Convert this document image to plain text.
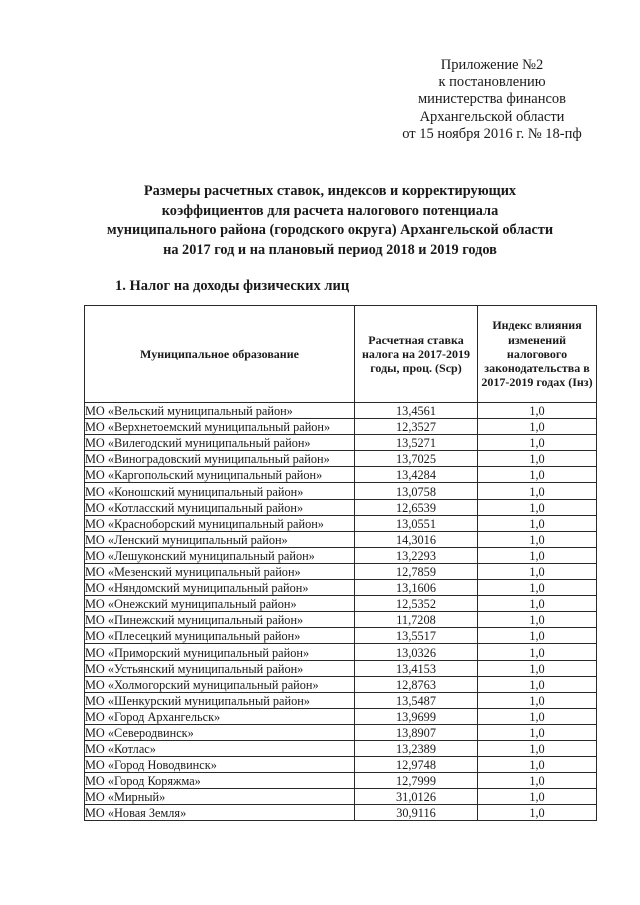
Приложение №2
к постановлению
министерства финансов
Архангельской области
от 15 ноября 2016 г. № 18-пф
Размеры расчетных ставок, индексов и корректирующих
коэффициентов для расчета налогового потенциала
муниципального района (городского округа) Архангельской области
на 2017 год и на плановый период 2018 и 2019 годов
1. Налог на доходы физических лиц
Муниципальное образование	Расчетная ставка налога на 2017-2019 годы, проц. (Sср)	Индекс влияния изменений налогового законодательства в 2017-2019 годах (Iнз)
МО «Вельский муниципальный район»	13,4561	1,0
МО «Верхнетоемский муниципальный район»	12,3527	1,0
МО «Вилегодский муниципальный район»	13,5271	1,0
МО «Виноградовский муниципальный район»	13,7025	1,0
МО «Каргопольский муниципальный район»	13,4284	1,0
МО «Коношский муниципальный район»	13,0758	1,0
МО «Котласский муниципальный район»	12,6539	1,0
МО «Красноборский муниципальный район»	13,0551	1,0
МО «Ленский муниципальный район»	14,3016	1,0
МО «Лешуконский муниципальный район»	13,2293	1,0
МО «Мезенский муниципальный район»	12,7859	1,0
МО «Няндомский муниципальный район»	13,1606	1,0
МО «Онежский муниципальный район»	12,5352	1,0
МО «Пинежский муниципальный район»	11,7208	1,0
МО «Плесецкий муниципальный район»	13,5517	1,0
МО «Приморский муниципальный район»	13,0326	1,0
МО «Устьянский муниципальный район»	13,4153	1,0
МО «Холмогорский муниципальный район»	12,8763	1,0
МО «Шенкурский муниципальный район»	13,5487	1,0
МО «Город Архангельск»	13,9699	1,0
МО «Северодвинск»	13,8907	1,0
МО «Котлас»	13,2389	1,0
МО «Город Новодвинск»	12,9748	1,0
МО «Город Коряжма»	12,7999	1,0
МО «Мирный»	31,0126	1,0
МО «Новая Земля»	30,9116	1,0
